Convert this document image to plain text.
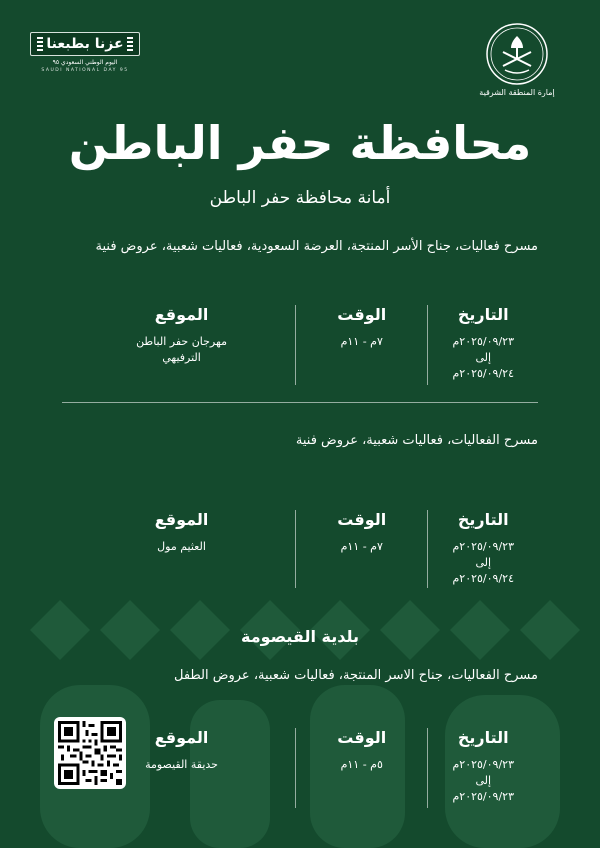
عزنا بطبعنا
اليوم الوطني السعودي ٩٥
SAUDI NATIONAL DAY 95
إمارة المنطقة الشرقية
محافظة حفر الباطن
أمانة محافظة حفر الباطن
مسرح فعاليات، جناح الأسر المنتجة، العرضة السعودية، فعاليات شعبية، عروض فنية
التاريخ
٢٠٢٥/٠٩/٢٣م
إلى
٢٠٢٥/٠٩/٢٤م
الوقت
٧م - ١١م
الموقع
مهرجان حفر الباطن الترفيهي
مسرح الفعاليات، فعاليات شعبية، عروض فنية
التاريخ
٢٠٢٥/٠٩/٢٣م
إلى
٢٠٢٥/٠٩/٢٤م
الوقت
٧م - ١١م
الموقع
العثيم مول
بلدية القيصومة
مسرح الفعاليات، جناح الاسر المنتجة، فعاليات شعبية، عروض الطفل
التاريخ
٢٠٢٥/٠٩/٢٣م
إلى
٢٠٢٥/٠٩/٢٣م
الوقت
٥م - ١١م
الموقع
حديقة القيصومة
